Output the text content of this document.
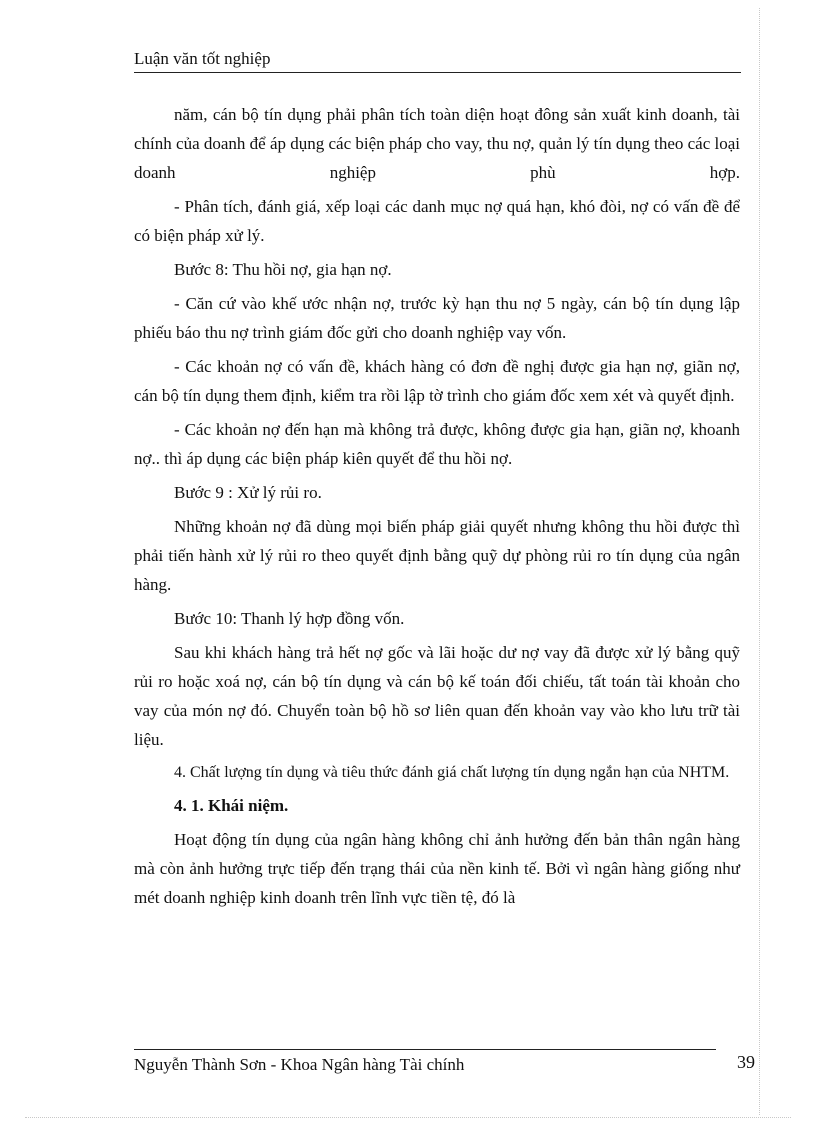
Luận văn tốt nghiệp

năm, cán bộ tín dụng phải phân tích toàn diện hoạt đông sản xuất kinh doanh, tài chính của doanh để áp dụng các biện pháp cho vay, thu nợ, quản lý tín dụng theo các loại doanh nghiệp phù hợp.

- Phân tích, đánh giá, xếp loại các danh mục nợ quá hạn, khó đòi, nợ có vấn đề để có biện pháp xử lý.

Bước 8: Thu hồi nợ, gia hạn nợ.

- Căn cứ vào khế ước nhận nợ, trước kỳ hạn thu nợ 5 ngày, cán bộ tín dụng lập phiếu báo thu nợ trình giám đốc gửi cho doanh nghiệp vay vốn.

- Các khoản nợ có vấn đề, khách hàng có đơn đề nghị được gia hạn nợ, giãn nợ, cán bộ tín dụng them định, kiểm tra rồi lập tờ trình cho giám đốc xem xét và quyết định.

- Các khoản nợ đến hạn mà không trả được, không được gia hạn, giãn nợ, khoanh nợ.. thì áp dụng các biện pháp kiên quyết để thu hồi nợ.

Bước 9 : Xử lý rủi ro.

Những khoản nợ đã dùng mọi biến pháp giải quyết nhưng không thu hồi được thì phải tiến hành xử lý rủi ro theo quyết định bằng quỹ dự phòng rủi ro tín dụng của ngân hàng.

Bước 10: Thanh lý hợp đồng vốn.

Sau khi khách hàng trả hết nợ gốc và lãi hoặc dư nợ vay đã được xử lý bằng quỹ rủi ro hoặc xoá nợ, cán bộ tín dụng và cán bộ kế toán đối chiếu, tất toán tài khoản cho vay của món nợ đó. Chuyển toàn bộ hồ sơ liên quan đến khoản vay vào kho lưu trữ tài liệu.

4. Chất lượng tín dụng và tiêu thức đánh giá chất lượng tín dụng ngắn hạn của NHTM.

4. 1. Khái niệm.

Hoạt động tín dụng của ngân hàng không chỉ ảnh hưởng đến bản thân ngân hàng mà còn ảnh hưởng trực tiếp đến trạng thái của nền kinh tế. Bởi vì ngân hàng giống như mét doanh nghiệp kinh doanh trên lĩnh vực tiền tệ, đó là

Nguyễn Thành Sơn - Khoa Ngân hàng Tài chính	39
